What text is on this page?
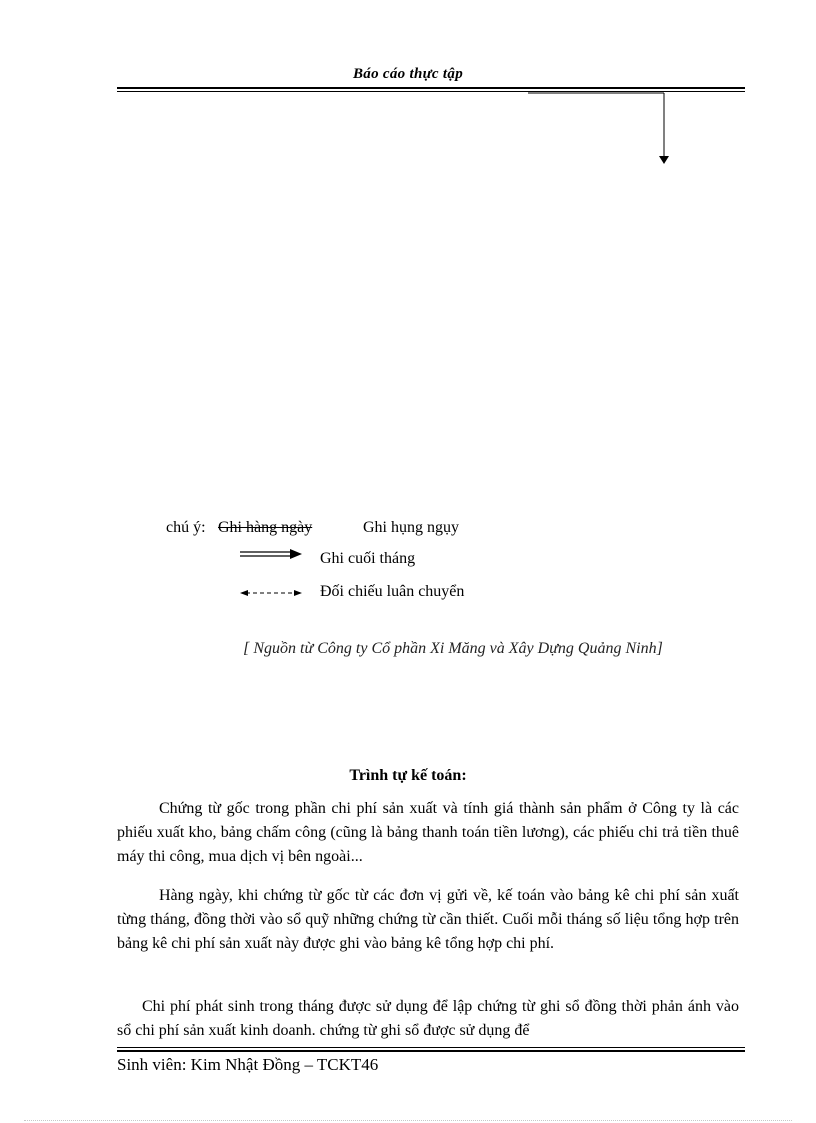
Báo cáo thực tập
chú ý: Ghi hàng ngày	Ghi hụng ngụy
Ghi cuối tháng
Đối chiếu luân chuyển
[ Nguồn từ Công ty Cổ phần Xi Măng và Xây Dựng Quảng Ninh]
Trình tự kế toán:

Chứng từ gốc trong phần chi phí sản xuất và tính giá thành sản phẩm ở Công ty là các phiếu xuất kho, bảng chấm công (cũng là bảng thanh toán tiền lương), các phiếu chi trả tiền thuê máy thi công, mua dịch vị bên ngoài...

Hàng ngày, khi chứng từ gốc từ các đơn vị gửi về, kế toán vào bảng kê chi phí sản xuất từng tháng, đồng thời vào sổ quỹ những chứng từ cần thiết. Cuối mỗi tháng số liệu tổng hợp trên bảng kê chi phí sản xuất này được ghi vào bảng kê tổng hợp chi phí.

Chi phí phát sinh trong tháng được sử dụng để lập chứng từ ghi sổ đồng thời phản ánh vào sổ chi phí sản xuất kinh doanh. chứng từ ghi sổ được sử dụng để

Sinh viên: Kim Nhật Đồng – TCKT46
